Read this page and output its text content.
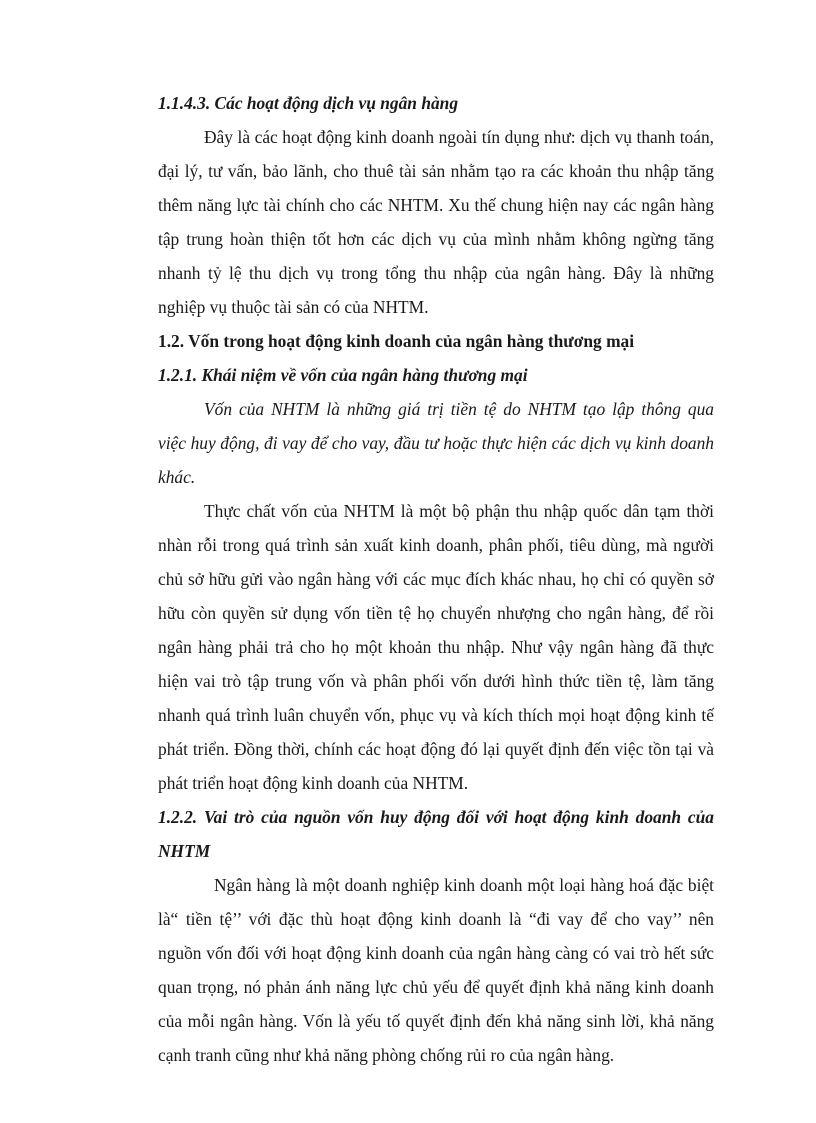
1.1.4.3. Các hoạt động dịch vụ ngân hàng
Đây là các hoạt động kinh doanh ngoài tín dụng như: dịch vụ thanh toán,
đại lý, tư vấn, bảo lãnh, cho thuê tài sản nhằm tạo ra các khoản thu nhập tăng
thêm năng lực tài chính cho các NHTM. Xu thế chung hiện nay các ngân hàng
tập trung hoàn thiện tốt hơn các dịch vụ của mình nhằm không ngừng tăng
nhanh tỷ lệ thu dịch vụ trong tổng thu nhập của ngân hàng. Đây là những
nghiệp vụ thuộc tài sản có của NHTM.
1.2. Vốn trong hoạt động kinh doanh của ngân hàng thương mại
1.2.1. Khái niệm về vốn của ngân hàng thương mại
Vốn của NHTM là những giá trị tiền tệ do NHTM tạo lập thông qua
việc huy động, đi vay để cho vay, đầu tư hoặc thực hiện các dịch vụ kinh doanh
khác.
Thực chất vốn của NHTM là một bộ phận thu nhập quốc dân tạm thời
nhàn rỗi trong quá trình sản xuất kinh doanh, phân phối, tiêu dùng, mà người
chủ sở hữu gửi vào ngân hàng với các mục đích khác nhau, họ chỉ có quyền sở
hữu còn quyền sử dụng vốn tiền tệ họ chuyển nhượng cho ngân hàng, để rồi
ngân hàng phải trả cho họ một khoản thu nhập. Như vậy ngân hàng đã thực
hiện vai trò tập trung vốn và phân phối vốn dưới hình thức tiền tệ, làm tăng
nhanh quá trình luân chuyển vốn, phục vụ và kích thích mọi hoạt động kinh tế
phát triển. Đồng thời, chính các hoạt động đó lại quyết định đến việc tồn tại và
phát triển hoạt động kinh doanh của NHTM.
1.2.2. Vai trò của nguồn vốn huy động đối với hoạt động kinh doanh của
NHTM
Ngân hàng là một doanh nghiệp kinh doanh một loại hàng hoá đặc biệt
là“ tiền tệ’’ với đặc thù hoạt động kinh doanh là “đi vay để cho vay’’ nên
nguồn vốn đối với hoạt động kinh doanh của ngân hàng càng có vai trò hết sức
quan trọng, nó phản ánh năng lực chủ yếu để quyết định khả năng kinh doanh
của mỗi ngân hàng. Vốn là yếu tố quyết định đến khả năng sinh lời, khả năng
cạnh tranh cũng như khả năng phòng chống rủi ro của ngân hàng.
